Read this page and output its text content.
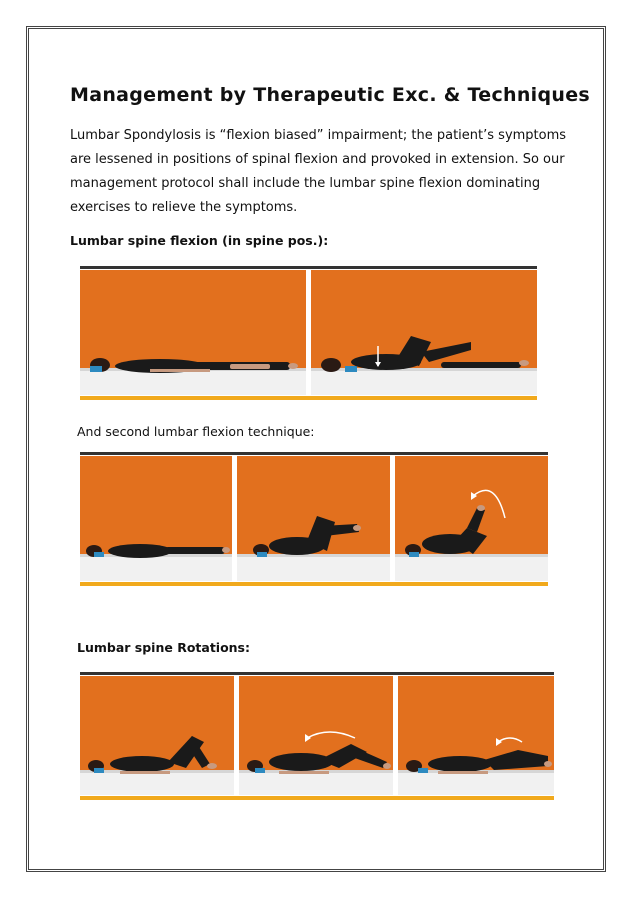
Management by Therapeutic Exc. & Techniques

Lumbar Spondylosis is “flexion biased” impairment; the patient’s symptoms
are lessened in positions of spinal flexion and provoked in extension. So our
management protocol shall include the lumbar spine flexion dominating
exercises to relieve the symptoms.

Lumbar spine flexion (in spine pos.):

And second lumbar flexion technique:

Lumbar spine Rotations:
